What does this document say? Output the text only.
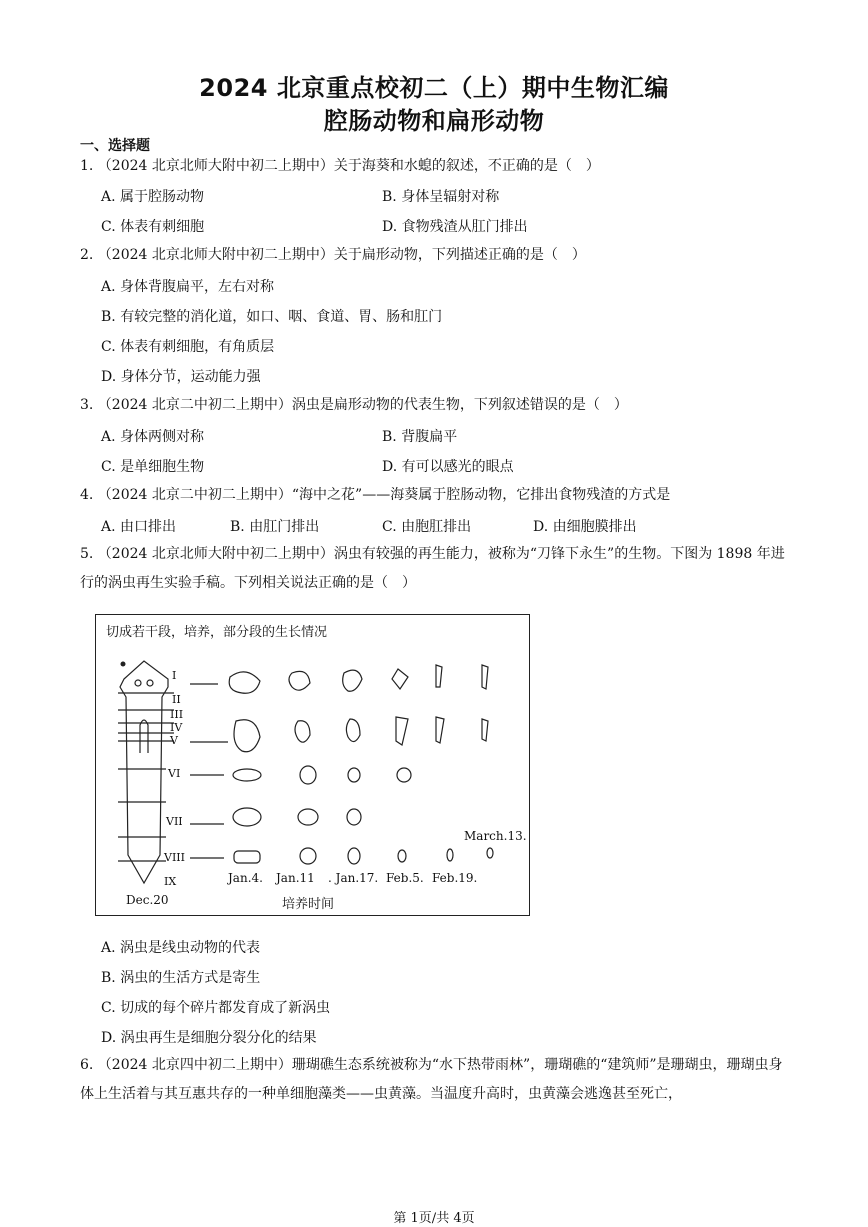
2024 北京重点校初二（上）期中生物汇编
腔肠动物和扁形动物
一、选择题
1. （2024 北京北师大附中初二上期中）关于海葵和水螅的叙述，不正确的是（　）
A. 属于腔肠动物	B. 身体呈辐射对称
C. 体表有刺细胞	D. 食物残渣从肛门排出
2. （2024 北京北师大附中初二上期中）关于扁形动物，下列描述正确的是（　）
A. 身体背腹扁平，左右对称
B. 有较完整的消化道，如口、咽、食道、胃、肠和肛门
C. 体表有刺细胞，有角质层
D. 身体分节，运动能力强
3. （2024 北京二中初二上期中）涡虫是扁形动物的代表生物，下列叙述错误的是（　）
A. 身体两侧对称	B. 背腹扁平
C. 是单细胞生物	D. 有可以感光的眼点
4. （2024 北京二中初二上期中）“海中之花”——海葵属于腔肠动物，它排出食物残渣的方式是
A. 由口排出	B. 由肛门排出	C. 由胞肛排出	D. 由细胞膜排出
5. （2024 北京北师大附中初二上期中）涡虫有较强的再生能力，被称为“刀锋下永生”的生物。下图为 1898 年进行的涡虫再生实验手稿。下列相关说法正确的是（　）
切成若干段，培养，部分段的生长情况
I
II
III
IV
V
VI
VII
VIII
IX	Jan.4. Jan.11 . Jan.17. Feb.5. Feb.19.
March.13.
Dec.20	培养时间
A. 涡虫是线虫动物的代表
B. 涡虫的生活方式是寄生
C. 切成的每个碎片都发育成了新涡虫
D. 涡虫再生是细胞分裂分化的结果
6. （2024 北京四中初二上期中）珊瑚礁生态系统被称为“水下热带雨林”，珊瑚礁的“建筑师”是珊瑚虫，珊瑚虫身体上生活着与其互惠共存的一种单细胞藻类——虫黄藻。当温度升高时，虫黄藻会逃逸甚至死亡，
第 1页/共 4页
